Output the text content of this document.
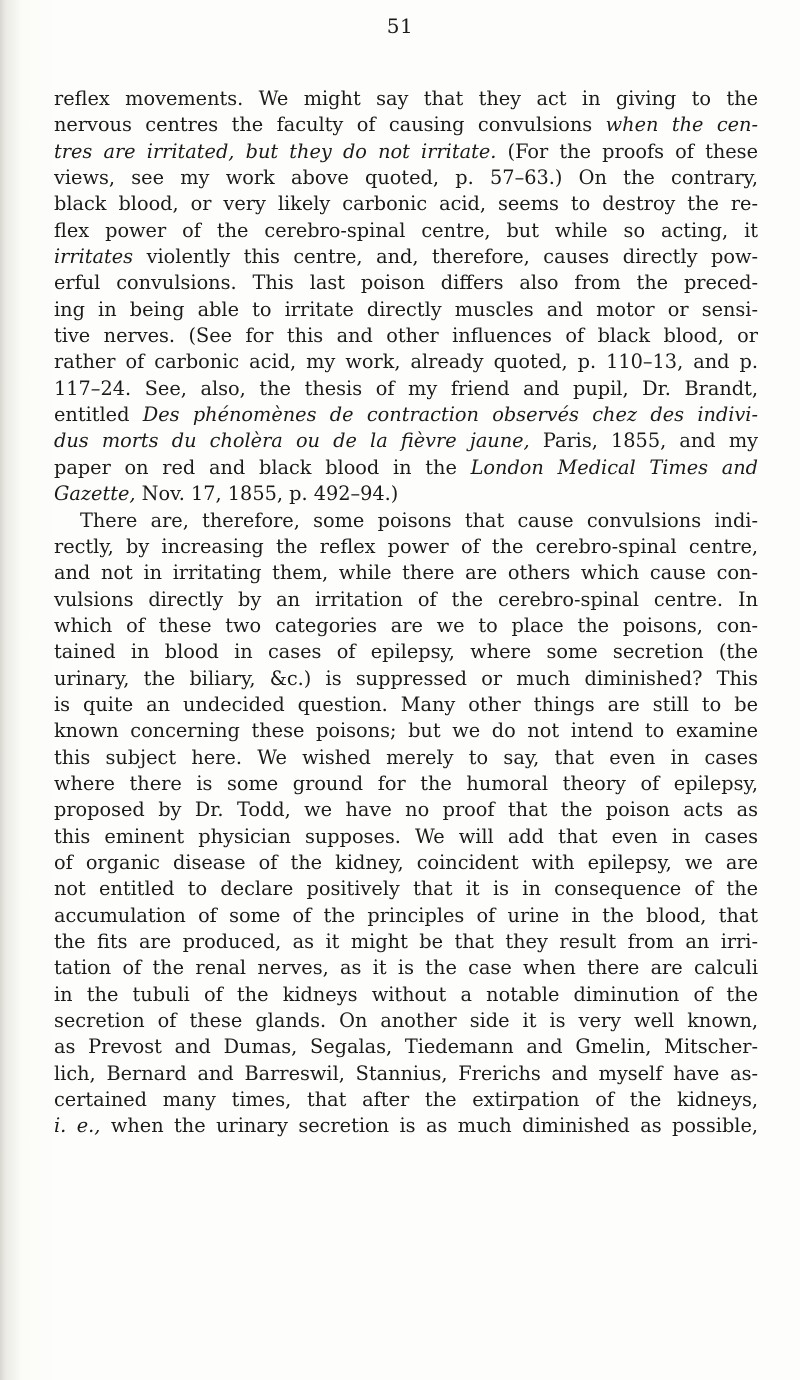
51

reflex movements. We might say that they act in giving to the
nervous centres the faculty of causing convulsions when the cen-
tres are irritated, but they do not irritate. (For the proofs of these
views, see my work above quoted, p. 57–63.) On the contrary,
black blood, or very likely carbonic acid, seems to destroy the re-
flex power of the cerebro-spinal centre, but while so acting, it
irritates violently this centre, and, therefore, causes directly pow-
erful convulsions. This last poison differs also from the preced-
ing in being able to irritate directly muscles and motor or sensi-
tive nerves. (See for this and other influences of black blood, or
rather of carbonic acid, my work, already quoted, p. 110–13, and p.
117–24. See, also, the thesis of my friend and pupil, Dr. Brandt,
entitled Des phénomènes de contraction observés chez des indivi-
dus morts du cholèra ou de la fièvre jaune, Paris, 1855, and my
paper on red and black blood in the London Medical Times and
Gazette, Nov. 17, 1855, p. 492–94.)

There are, therefore, some poisons that cause convulsions indi-
rectly, by increasing the reflex power of the cerebro-spinal centre,
and not in irritating them, while there are others which cause con-
vulsions directly by an irritation of the cerebro-spinal centre. In
which of these two categories are we to place the poisons, con-
tained in blood in cases of epilepsy, where some secretion (the
urinary, the biliary, &c.) is suppressed or much diminished? This
is quite an undecided question. Many other things are still to be
known concerning these poisons; but we do not intend to examine
this subject here. We wished merely to say, that even in cases
where there is some ground for the humoral theory of epilepsy,
proposed by Dr. Todd, we have no proof that the poison acts as
this eminent physician supposes. We will add that even in cases
of organic disease of the kidney, coincident with epilepsy, we are
not entitled to declare positively that it is in consequence of the
accumulation of some of the principles of urine in the blood, that
the fits are produced, as it might be that they result from an irri-
tation of the renal nerves, as it is the case when there are calculi
in the tubuli of the kidneys without a notable diminution of the
secretion of these glands. On another side it is very well known,
as Prevost and Dumas, Segalas, Tiedemann and Gmelin, Mitscher-
lich, Bernard and Barreswil, Stannius, Frerichs and myself have as-
certained many times, that after the extirpation of the kidneys,
i. e., when the urinary secretion is as much diminished as possible,
